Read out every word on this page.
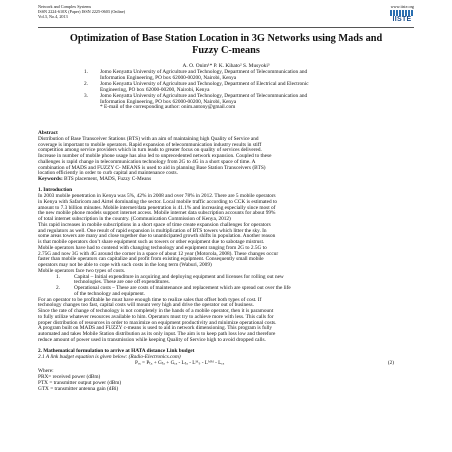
Network and Complex Systems
ISSN 2224-610X (Paper) ISSN 2225-0603 (Online)
Vol.3, No.4, 2013
www.iiste.org
IISTE
Optimization of Base Station Location in 3G Networks using Mads and Fuzzy C-means
A. O. Onim¹* P. K. Kihato² S. Musyoki³
1.	Jomo Kenyatta University of Agriculture and Technology, Department of Telecommunication and
Information Engineering, PO box 62000-00200, Nairobi, Kenya
2.	Jomo Kenyatta University of Agriculture and Technology, Department of Electrical and Electronic
Engineering, PO box 62000-00200, Nairobi, Kenya
3.	Jomo Kenyatta University of Agriculture and Technology, Department of Telecommunication and
Information Engineering, PO box 62000-00200, Nairobi, Kenya
* E-mail of the corresponding author: onim.antony@gmail.com
Abstract

Distribution of Base Transceiver Stations (BTS) with an aim of maintaining high Quality of Service and
coverage is important to mobile operators. Rapid expansion of telecommunication industry results in stiff
competition among service providers which in turn leads to greater focus on quality of services delivered.
Increase in number of mobile phone usage has also led to unprecedented network expansion. Coupled to these
challenges is rapid change in telecommunication technology from 2G to 4G in a short space of time. A
combination of MADS and FUZZY C- MEANS is used to aid in planning Base Station Transceivers (BTS)
location efficiently in order to curb capital and maintenance costs.

Keywords: BTS placement, MADS, Fuzzy C-Means
1. Introduction

In 2003 mobile penetration in Kenya was 5%, 42% in 2008 and over 78% in 2012. There are 5 mobile operators
in Kenya with Safaricom and Airtel dominating the sector. Local mobile traffic according to CCK is estimated to
amount to 7.3 billion minutes. Mobile internet/data penetration is 41.1% and increasing especially since most of
the new mobile phone models support internet access. Mobile internet data subscription accounts for about 99%
of total internet subscription in the country. (Communication Commission of Kenya, 2012)
This rapid increases in mobile subscriptions in a short space of time create expansion challenges for operators
and regulators as well. One result of rapid expansion is multiplication of BTS towers which litter the sky. In
some areas towers are many and close together due to unanticipated growth shifts in population. Another reason
is that mobile operators don’t share equipment such as towers or other equipment due to sabotage mistrust.
Mobile operators have had to contend with changing technology and equipment ranging from 2G to 2.5G to
2.75G and now 3G with 4G around the corner in a space of about 12 year (Motorola, 2008). These changes occur
faster than mobile operators can capitalize and profit from existing equipment. Consequently small mobile
operators may not be able to cope with such costs in the long term (Waburi, 2009)
Mobile operators face two types of costs.

1.	Capital – Initial expenditure in acquiring and deploying equipment and licenses for rolling out new
technologies. These are one off expenditures.
2.	Operational costs – These are costs of maintenance and replacement which are spread out over the life
of the technology and equipment.

For an operator to be profitable he must have enough time to realize sales that offset both types of cost. If
technology changes too fast, capital costs will mount very high and drive the operator out of business.
Since the rate of change of technology is not completely in the hands of a mobile operator, then it is paramount
to fully utilize whatever resources available to him. Operators must try to achieve more with less. This calls for
proper distribution of resources in order to maximize on equipment productivity and minimize operational costs.
A program built on MADS and FUZZY c-means is used to aid in network dimensioning. This program is fully
automated and takes Mobile Station distribution as its only input. The aim is to keep path loss low and therefore
reduce amount of power used in transmission while keeping Quality of Service high to avoid dropped calls.

2. Mathematical formulation to arrive at HATA distance Link budget
2.1 A link budget equation is given below: (Radio-Electronics.com)
Pᵣₓ = Pₜₓ + Gₜₓ + Gᵣₓ - Lₜₓ - Lᴹₛ - Lᴹᴹ - Lᵣₓ	(2)
Where:
PRX= received power (dBm)
PTX = transmitter output power (dBm)
GTX = transmitter antenna gain (dBi)
